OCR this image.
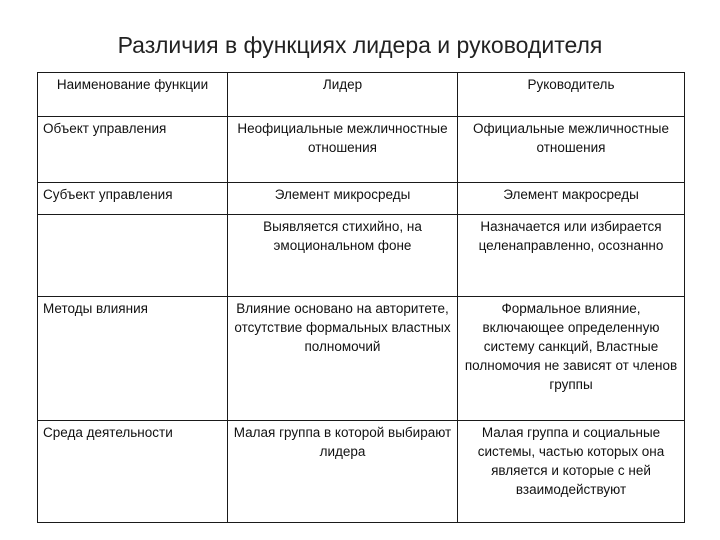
Различия в функциях лидера и руководителя
Наименование функции	Лидер	Руководитель
Объект управления	Неофициальные межличностные отношения	Официальные межличностные отношения
Субъект управления	Элемент микросреды	Элемент макросреды
	Выявляется стихийно, на эмоциональном фоне	Назначается или избирается целенаправленно, осознанно
Методы влияния	Влияние основано на авторитете, отсутствие формальных властных полномочий	Формальное влияние, включающее определенную систему санкций, Властные полномочия не зависят от членов группы
Среда деятельности	Малая группа в которой выбирают лидера	Малая группа и социальные системы, частью которых она является и которые с ней взаимодействуют
